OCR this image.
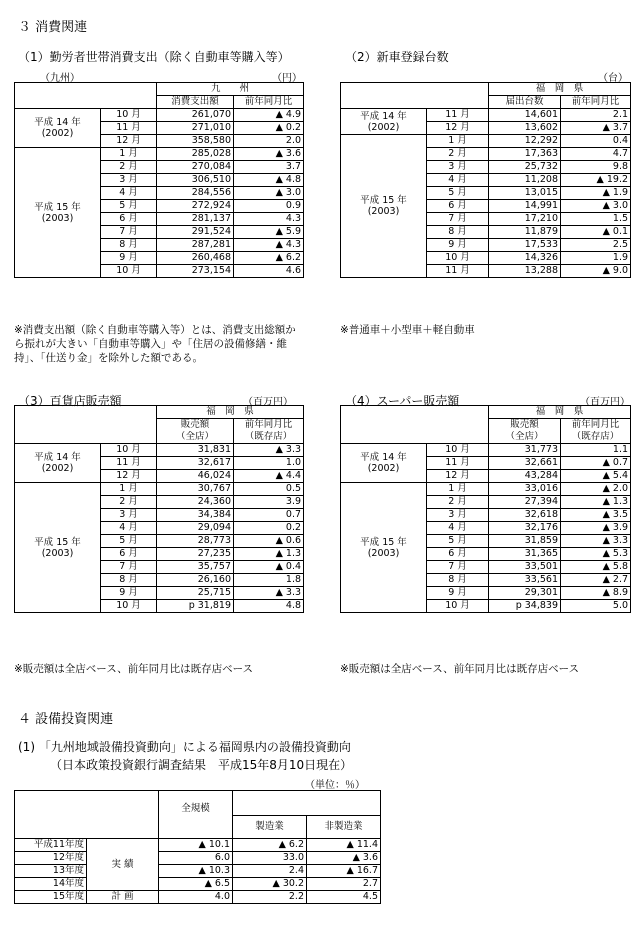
３ 消費関連
（1）勤労者世帯消費支出（除く自動車等購入等）
（九州）	（円）
		九　　州	
		消費支出額	前年同月比
平成 14 年
(2002)	10 月	261,070	▲ 4.9
	11 月	271,010	▲ 0.2
	12 月	358,580	2.0
平成 15 年
(2003)	1 月	285,028	▲ 3.6
	2 月	270,084	3.7
	3 月	306,510	▲ 4.8
	4 月	284,556	▲ 3.0
	5 月	272,924	0.9
	6 月	281,137	4.3
	7 月	291,524	▲ 5.9
	8 月	287,281	▲ 4.3
	9 月	260,468	▲ 6.2
	10 月	273,154	4.6
※消費支出額（除く自動車等購入等）とは、消費支出総額から振れが大きい「自動車等購入」や「住居の設備修繕・維持」、「仕送り金」を除外した額である。
（2）新車登録台数
（台）
		福　岡　県	
		届出台数	前年同月比
平成 14 年
(2002)	11 月	14,601	2.1
	12 月	13,602	▲ 3.7
平成 15 年
(2003)	1 月	12,292	0.4
	2 月	17,363	4.7
	3 月	25,732	9.8
	4 月	11,208	▲ 19.2
	5 月	13,015	▲ 1.9
	6 月	14,991	▲ 3.0
	7 月	17,210	1.5
	8 月	11,879	▲ 0.1
	9 月	17,533	2.5
	10 月	14,326	1.9
	11 月	13,288	▲ 9.0
※普通車＋小型車＋軽自動車
（3）百貨店販売額	（百万円）
		福　岡　県	
		販売額	前年同月比
		（全店）	（既存店）
平成 14 年
(2002)	10 月	31,831	▲ 3.3
	11 月	32,617	1.0
	12 月	46,024	▲ 4.4
平成 15 年
(2003)	1 月	30,767	0.5
	2 月	24,360	3.9
	3 月	34,384	0.7
	4 月	29,094	0.2
	5 月	28,773	▲ 0.6
	6 月	27,235	▲ 1.3
	7 月	35,757	▲ 0.4
	8 月	26,160	1.8
	9 月	25,715	▲ 3.3
	10 月	p 31,819	4.8
※販売額は全店ベース、前年同月比は既存店ベース
（4）スーパー販売額	（百万円）
		福　岡　県	
		販売額	前年同月比
		（全店）	（既存店）
平成 14 年
(2002)	10 月	31,773	1.1
	11 月	32,661	▲ 0.7
	12 月	43,284	▲ 5.4
平成 15 年
(2003)	1 月	33,016	▲ 2.0
	2 月	27,394	▲ 1.3
	3 月	32,618	▲ 3.5
	4 月	32,176	▲ 3.9
	5 月	31,859	▲ 3.3
	6 月	31,365	▲ 5.3
	7 月	33,501	▲ 5.8
	8 月	33,561	▲ 2.7
	9 月	29,301	▲ 8.9
	10 月	p 34,839	5.0
※販売額は全店ベース、前年同月比は既存店ベース
４ 設備投資関連
(1) 「九州地域設備投資動向」による福岡県内の設備投資動向
（日本政策投資銀行調査結果　平成15年8月10日現在）
（単位：％）
		全規模		
			製造業	非製造業
平成11年度	実 績	▲ 10.1	▲ 6.2	▲ 11.4
12年度		6.0	33.0	▲ 3.6
13年度		▲ 10.3	2.4	▲ 16.7
14年度		▲ 6.5	▲ 30.2	2.7
15年度	計 画	4.0	2.2	4.5
